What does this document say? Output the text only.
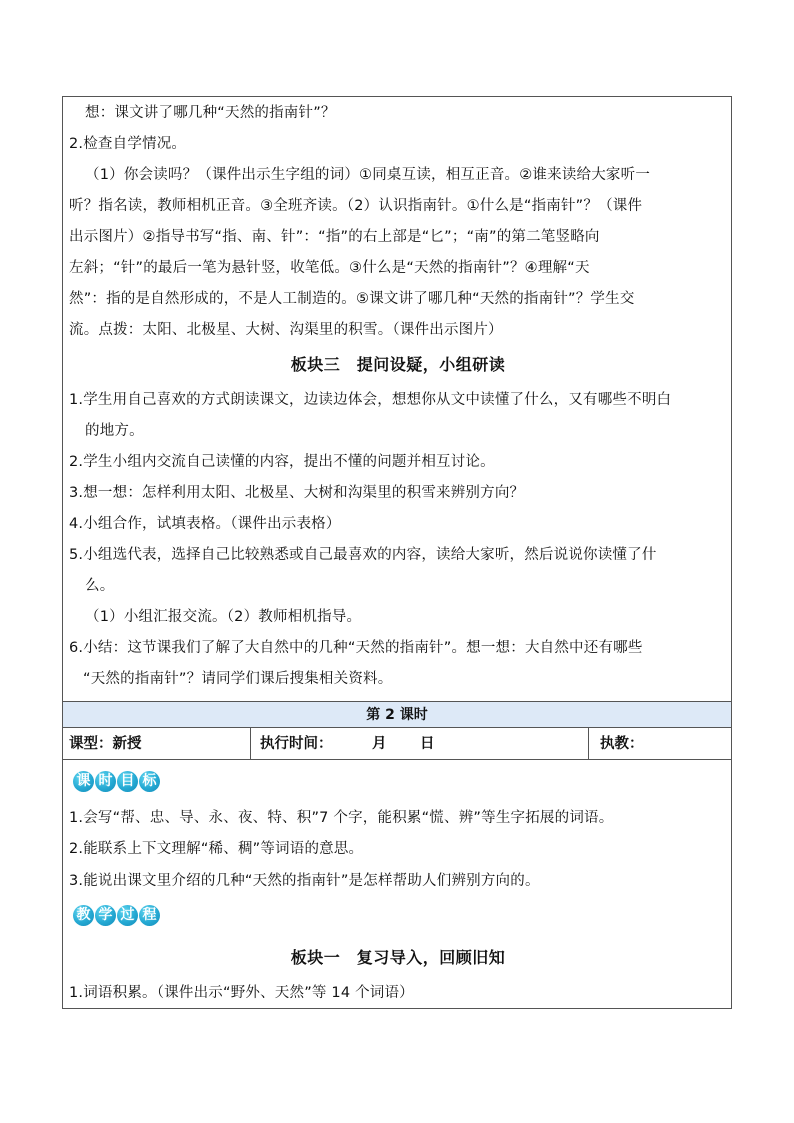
想：课文讲了哪几种“天然的指南针”？
2.检查自学情况。
（1）你会读吗？（课件出示生字组的词）①同桌互读，相互正音。②谁来读给大家听一
听？指名读，教师相机正音。③全班齐读。（2）认识指南针。①什么是“指南针”？（课件
出示图片）②指导书写“指、南、针”：“指”的右上部是“匕”；“南”的第二笔竖略向
左斜；“针”的最后一笔为悬针竖，收笔低。③什么是“天然的指南针”？④理解“天
然”：指的是自然形成的，不是人工制造的。⑤课文讲了哪几种“天然的指南针”？学生交
流。点拨：太阳、北极星、大树、沟渠里的积雪。（课件出示图片）
板块三　提问设疑，小组研读
1.学生用自己喜欢的方式朗读课文，边读边体会，想想你从文中读懂了什么，又有哪些不明白
的地方。
2.学生小组内交流自己读懂的内容，提出不懂的问题并相互讨论。
3.想一想：怎样利用太阳、北极星、大树和沟渠里的积雪来辨别方向？
4.小组合作，试填表格。（课件出示表格）
5.小组选代表，选择自己比较熟悉或自己最喜欢的内容，读给大家听，然后说说你读懂了什
么。
（1）小组汇报交流。（2）教师相机指导。
6.小结：这节课我们了解了大自然中的几种“天然的指南针”。想一想：大自然中还有哪些
“天然的指南针”？请同学们课后搜集相关资料。
第 2 课时
课型：新授	执行时间：	月 日	执教：
课 时 目 标
1.会写“帮、忠、导、永、夜、特、积”7 个字，能积累“慌、辨”等生字拓展的词语。
2.能联系上下文理解“稀、稠”等词语的意思。
3.能说出课文里介绍的几种“天然的指南针”是怎样帮助人们辨别方向的。
教 学 过 程
板块一　复习导入，回顾旧知
1.词语积累。（课件出示“野外、天然”等 14 个词语）
